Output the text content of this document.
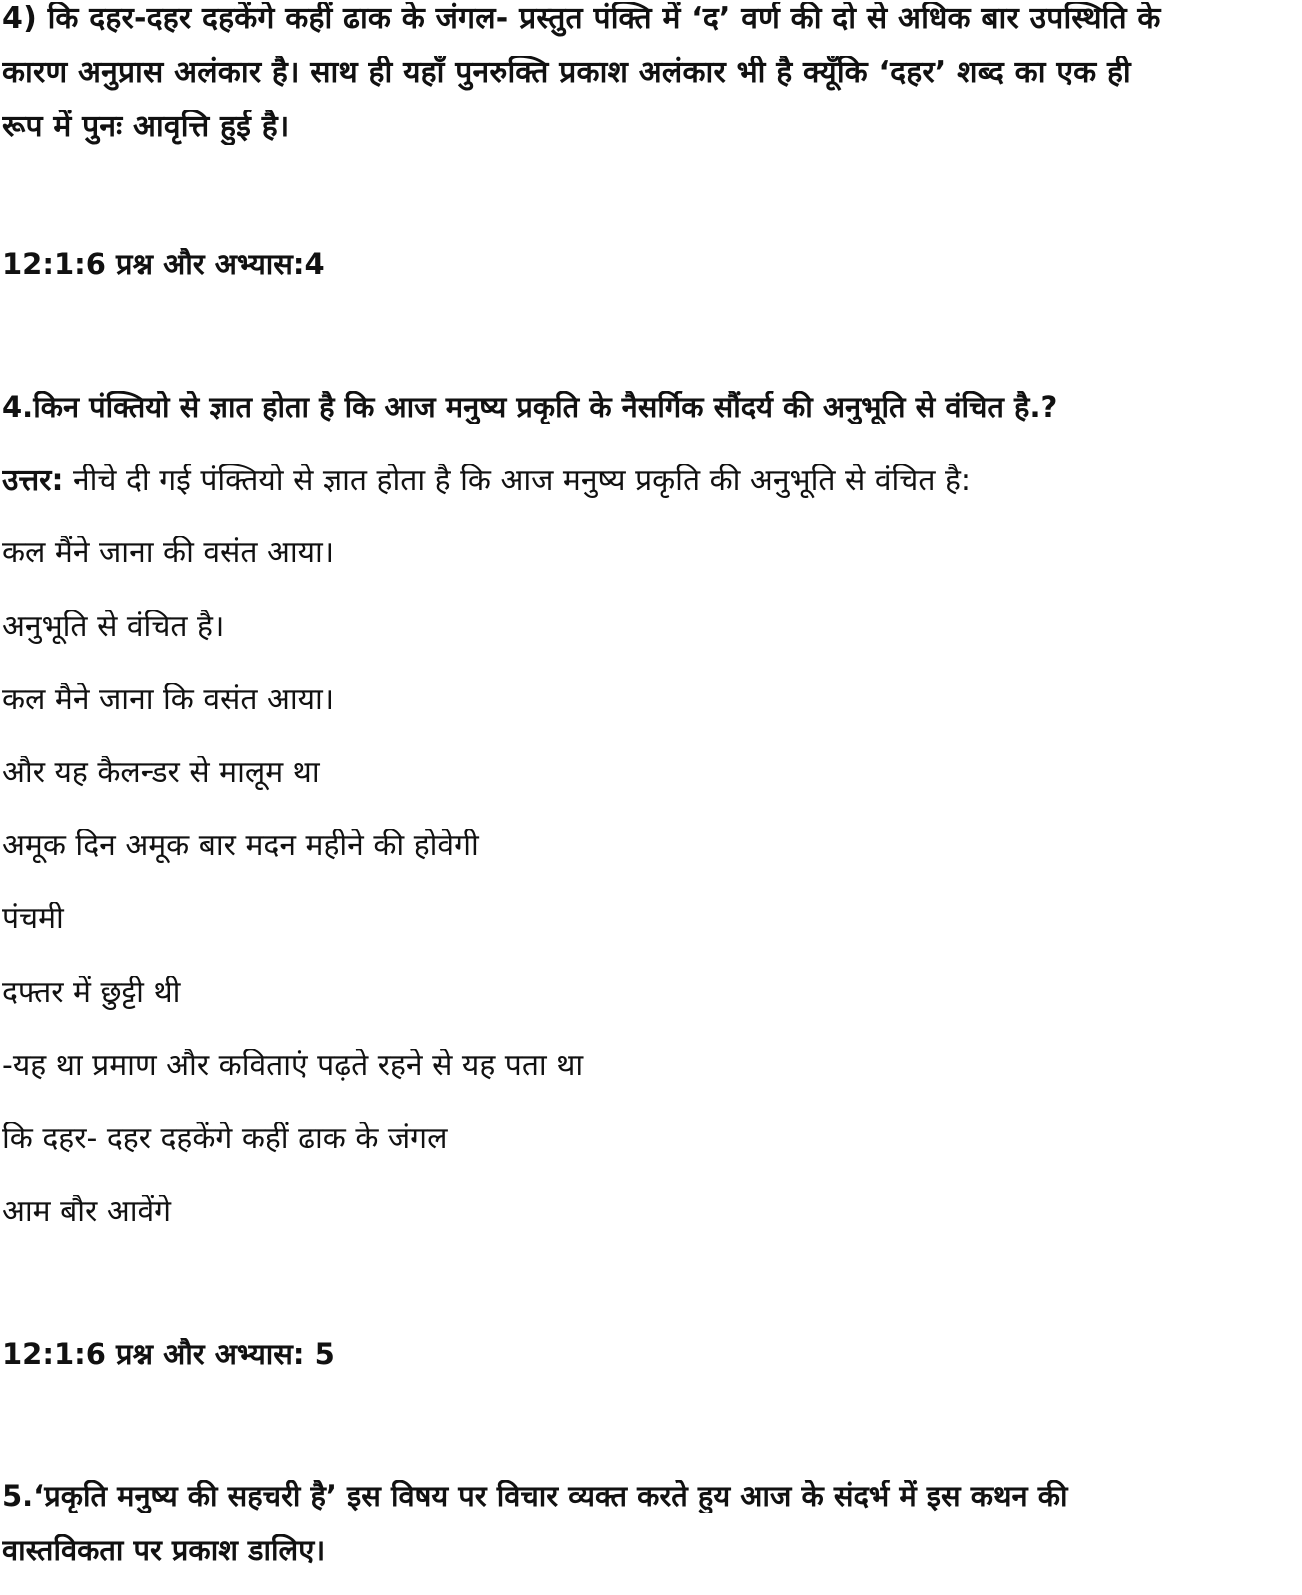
4) कि दहर-दहर दहकेंगे कहीं ढाक के जंगल- प्रस्तुत पंक्ति में ‘द’ वर्ण की दो से अधिक बार उपस्थिति के
कारण अनुप्रास अलंकार है। साथ ही यहाँ पुनरुक्ति प्रकाश अलंकार भी है क्यूँकि ‘दहर’ शब्द का एक ही
रूप में पुनः आवृत्ति हुई है।
12:1:6 प्रश्न और अभ्यास:4
4.किन पंक्तियो से ज्ञात होता है कि आज मनुष्य प्रकृति के नैसर्गिक सौंदर्य की अनुभूति से वंचित है.?
उत्तर: नीचे दी गई पंक्तियो से ज्ञात होता है कि आज मनुष्य प्रकृति की अनुभूति से वंचित है:
कल मैंने जाना की वसंत आया।
अनुभूति से वंचित है।
कल मैने जाना कि वसंत आया।
और यह कैलन्डर से मालूम था
अमूक दिन अमूक बार मदन महीने की होवेगी
पंचमी
दफ्तर में छुट्टी थी
-यह था प्रमाण और कविताएं पढ़ते रहने से यह पता था
कि दहर- दहर दहकेंगे कहीं ढाक के जंगल
आम बौर आवेंगे
12:1:6 प्रश्न और अभ्यास: 5
5.‘प्रकृति मनुष्य की सहचरी है’ इस विषय पर विचार व्यक्त करते हुय आज के संदर्भ में इस कथन की
वास्तविकता पर प्रकाश डालिए।
